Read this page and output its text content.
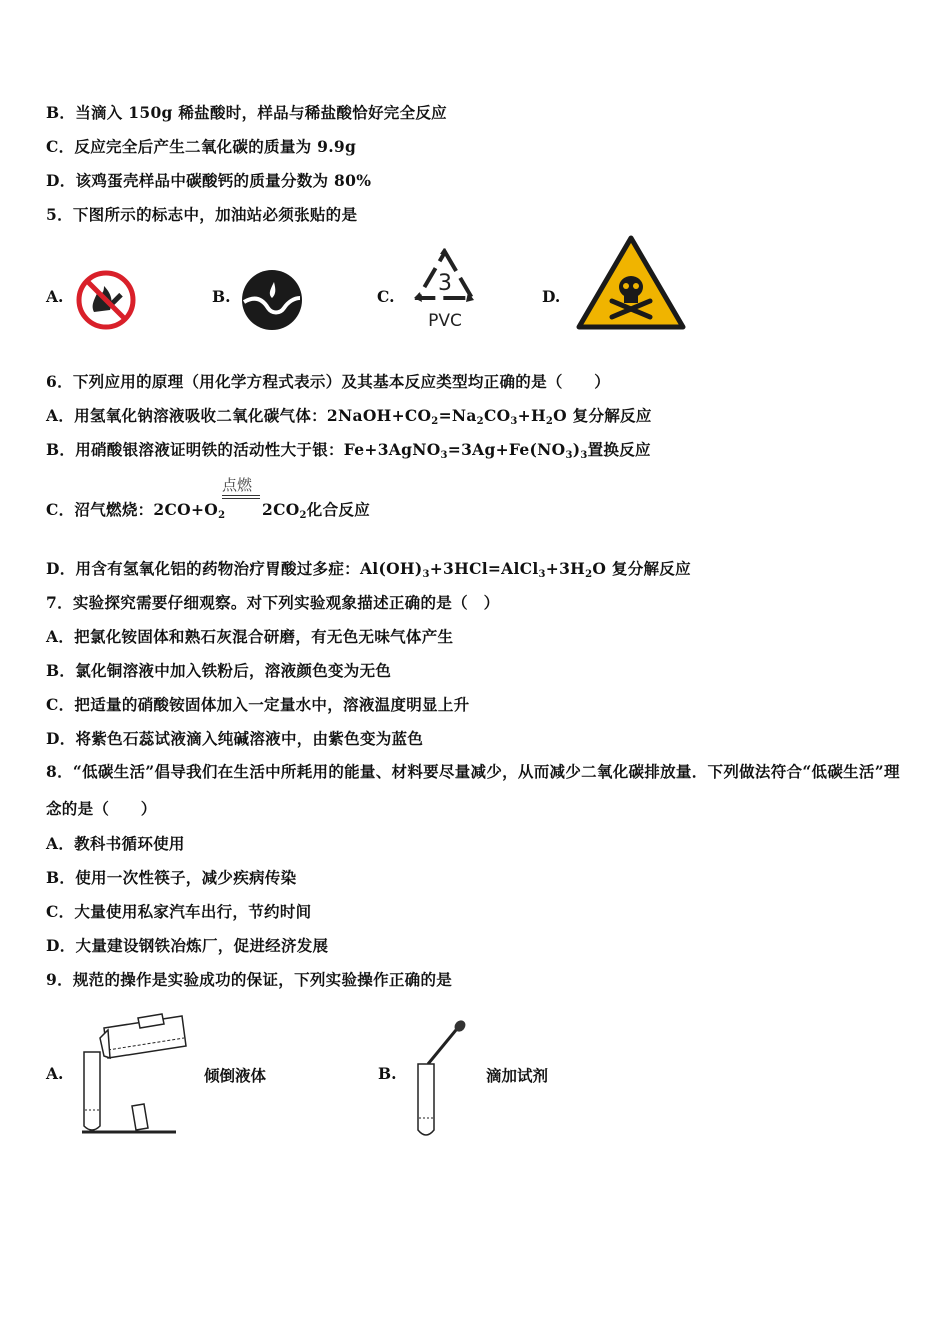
B．当滴入 150g 稀盐酸时，样品与稀盐酸恰好完全反应
C．反应完全后产生二氧化碳的质量为 9.9g
D．该鸡蛋壳样品中碳酸钙的质量分数为 80%
5．下图所示的标志中，加油站必须张贴的是
A.	B.	C.
3
PVC
D.
6．下列应用的原理（用化学方程式表示）及其基本反应类型均正确的是（　　）
A．用氢氧化钠溶液吸收二氧化碳气体：$2NaOH+CO_2=Na_2CO_3+H_2O$ 复分解反应
B．用硝酸银溶液证明铁的活动性大于银：$Fe+3AgNO_3=3Ag+Fe(NO_3)_3$置换反应
C．沼气燃烧：$2CO+O_2$
点燃
$2CO_2$化合反应
D．用含有氢氧化铝的药物治疗胃酸过多症：$Al(OH)_3+3HCl=AlCl_3+3H_2O$ 复分解反应
7．实验探究需要仔细观察。对下列实验观象描述正确的是（　）
A．把氯化铵固体和熟石灰混合研磨，有无色无味气体产生
B．氯化铜溶液中加入铁粉后，溶液颜色变为无色
C．把适量的硝酸铵固体加入一定量水中，溶液温度明显上升
D．将紫色石蕊试液滴入纯碱溶液中，由紫色变为蓝色
8．“低碳生活”倡导我们在生活中所耗用的能量、材料要尽量减少，从而减少二氧化碳排放量．下列做法符合“低碳生活”理念的是（　　）
A．教科书循环使用
B．使用一次性筷子，减少疾病传染
C．大量使用私家汽车出行，节约时间
D．大量建设钢铁冶炼厂，促进经济发展
9．规范的操作是实验成功的保证，下列实验操作正确的是
A.	倾倒液体	B.	滴加试剂
